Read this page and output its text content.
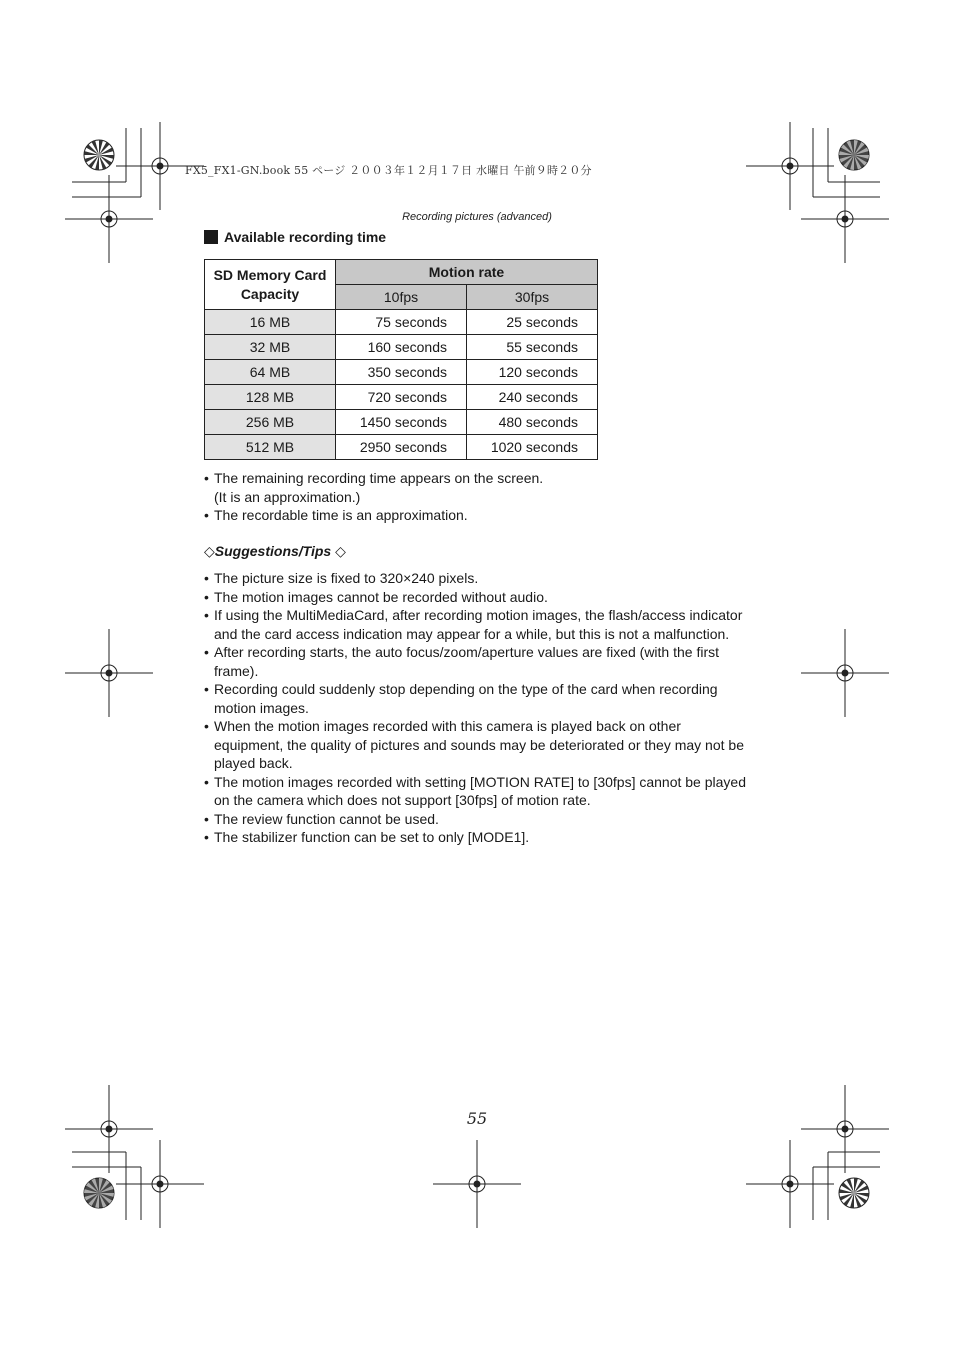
FX5_FX1-GN.book 55 ページ ２００３年１２月１７日 水曜日 午前９時２０分
Recording pictures (advanced)
Available recording time
SD Memory Card Capacity	Motion rate	
	10fps	30fps
16 MB	75 seconds	25 seconds
32 MB	160 seconds	55 seconds
64 MB	350 seconds	120 seconds
128 MB	720 seconds	240 seconds
256 MB	1450 seconds	480 seconds
512 MB	2950 seconds	1020 seconds
• The remaining recording time appears on the screen.
(It is an approximation.)
• The recordable time is an approximation.
◇Suggestions/Tips ◇
• The picture size is fixed to 320×240 pixels.
• The motion images cannot be recorded without audio.
• If using the MultiMediaCard, after recording motion images, the flash/access indicator and the card access indication may appear for a while, but this is not a malfunction.
• After recording starts, the auto focus/zoom/aperture values are fixed (with the first frame).
• Recording could suddenly stop depending on the type of the card when recording motion images.
• When the motion images recorded with this camera is played back on other equipment, the quality of pictures and sounds may be deteriorated or they may not be played back.
• The motion images recorded with setting [MOTION RATE] to [30fps] cannot be played on the camera which does not support [30fps] of motion rate.
• The review function cannot be used.
• The stabilizer function can be set to only [MODE1].
55
